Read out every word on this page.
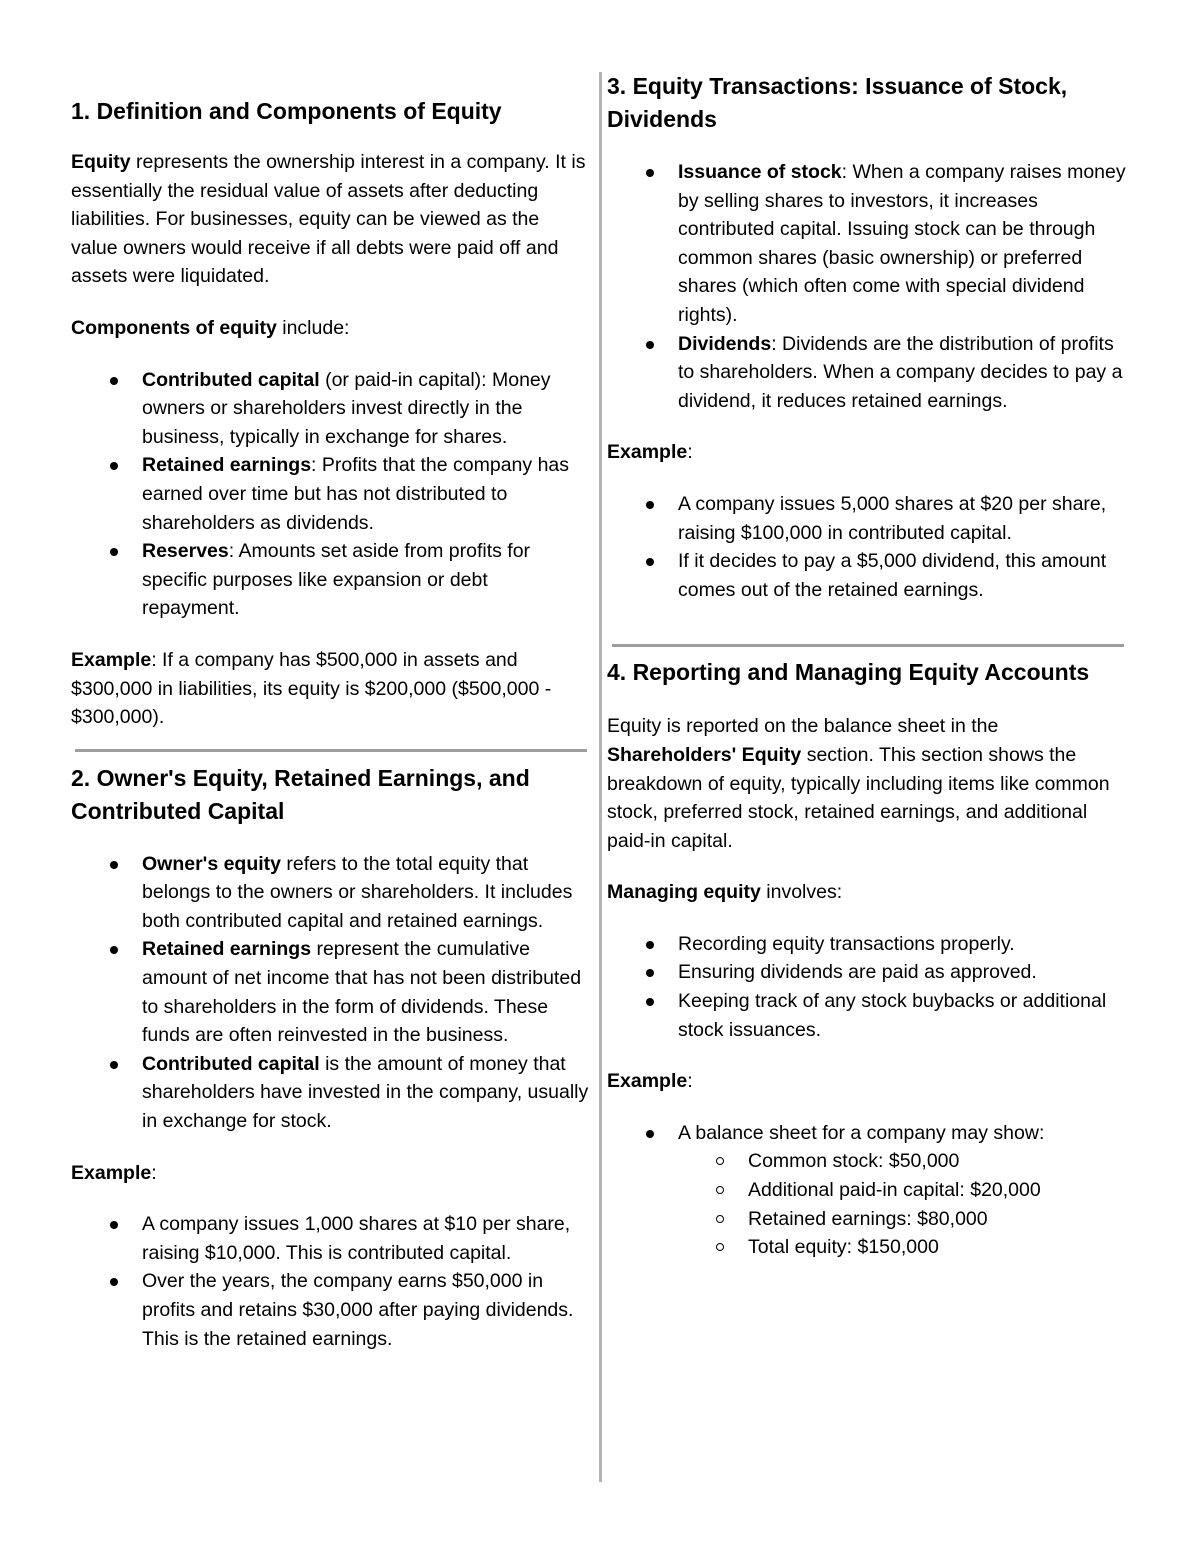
1. Definition and Components of Equity

Equity represents the ownership interest in a company. It is essentially the residual value of assets after deducting liabilities. For businesses, equity can be viewed as the value owners would receive if all debts were paid off and assets were liquidated.

Components of equity include:

Contributed capital (or paid-in capital): Money owners or shareholders invest directly in the business, typically in exchange for shares.
Retained earnings: Profits that the company has earned over time but has not distributed to shareholders as dividends.
Reserves: Amounts set aside from profits for specific purposes like expansion or debt repayment.

Example: If a company has $500,000 in assets and $300,000 in liabilities, its equity is $200,000 ($500,000 - $300,000).

2. Owner's Equity, Retained Earnings, and Contributed Capital
Owner's equity refers to the total equity that belongs to the owners or shareholders. It includes both contributed capital and retained earnings.
Retained earnings represent the cumulative amount of net income that has not been distributed to shareholders in the form of dividends. These funds are often reinvested in the business.
Contributed capital is the amount of money that shareholders have invested in the company, usually in exchange for stock.

Example:

A company issues 1,000 shares at $10 per share, raising $10,000. This is contributed capital.
Over the years, the company earns $50,000 in profits and retains $30,000 after paying dividends. This is the retained earnings.
3. Equity Transactions: Issuance of Stock, Dividends
Issuance of stock: When a company raises money by selling shares to investors, it increases contributed capital. Issuing stock can be through common shares (basic ownership) or preferred shares (which often come with special dividend rights).
Dividends: Dividends are the distribution of profits to shareholders. When a company decides to pay a dividend, it reduces retained earnings.

Example:

A company issues 5,000 shares at $20 per share, raising $100,000 in contributed capital.
If it decides to pay a $5,000 dividend, this amount comes out of the retained earnings.
4. Reporting and Managing Equity Accounts

Equity is reported on the balance sheet in the Shareholders' Equity section. This section shows the breakdown of equity, typically including items like common stock, preferred stock, retained earnings, and additional paid-in capital.

Managing equity involves:

Recording equity transactions properly.
Ensuring dividends are paid as approved.
Keeping track of any stock buybacks or additional stock issuances.

Example:

A balance sheet for a company may show:
Common stock: $50,000
Additional paid-in capital: $20,000
Retained earnings: $80,000
Total equity: $150,000
